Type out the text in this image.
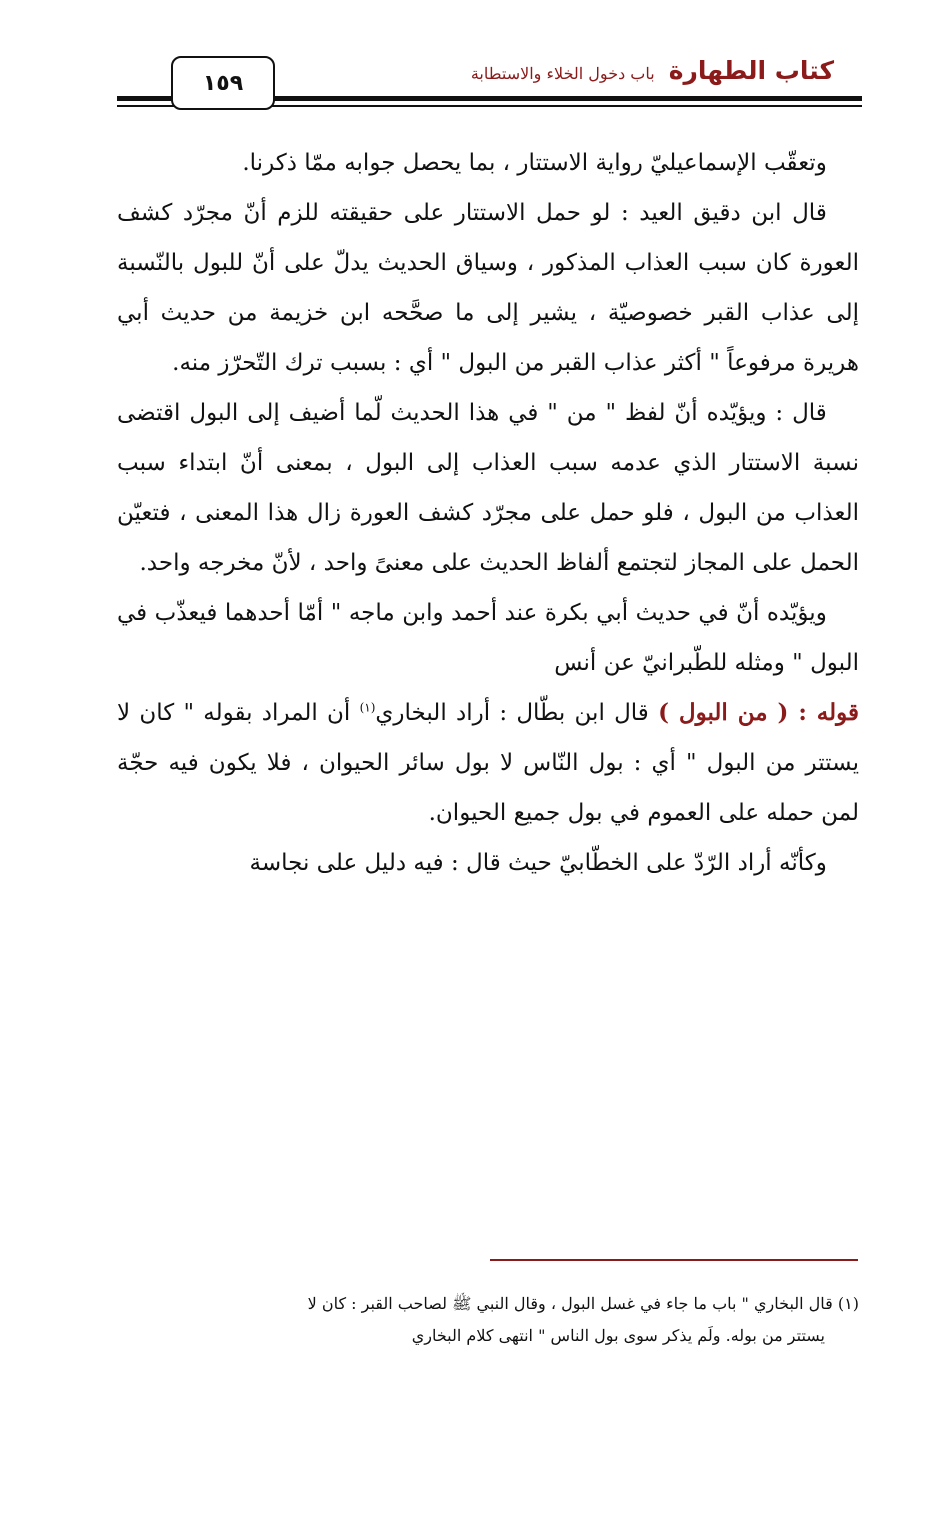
كتاب الطهارة
باب دخول الخلاء والاستطابة
١٥٩

وتعقّب الإسماعيليّ رواية الاستتار ، بما يحصل جوابه ممّا ذكرنا.

قال ابن دقيق العيد : لو حمل الاستتار على حقيقته للزم أنّ مجرّد كشف العورة كان سبب العذاب المذكور ، وسياق الحديث يدلّ على أنّ للبول بالنّسبة إلى عذاب القبر خصوصيّة ، يشير إلى ما صحَّحه ابن خزيمة من حديث أبي هريرة مرفوعاً " أكثر عذاب القبر من البول " أي : بسبب ترك التّحرّز منه.

قال : ويؤيّده أنّ لفظ " من " في هذا الحديث لّما أضيف إلى البول اقتضى نسبة الاستتار الذي عدمه سبب العذاب إلى البول ، بمعنى أنّ ابتداء سبب العذاب من البول ، فلو حمل على مجرّد كشف العورة زال هذا المعنى ، فتعيّن الحمل على المجاز لتجتمع ألفاظ الحديث على معنىً واحد ، لأنّ مخرجه واحد.

ويؤيّده أنّ في حديث أبي بكرة عند أحمد وابن ماجه " أمّا أحدهما فيعذّب في البول " ومثله للطّبرانيّ عن أنس

قوله : ( من البول ) قال ابن بطّال : أراد البخاري$^{(١)}$ أن المراد بقوله " كان لا يستتر من البول " أي : بول النّاس لا بول سائر الحيوان ، فلا يكون فيه حجّة لمن حمله على العموم في بول جميع الحيوان.

وكأنّه أراد الرّدّ على الخطّابيّ حيث قال : فيه دليل على نجاسة

(١) قال البخاري " باب ما جاء في غسل البول ، وقال النبي ﷺ لصاحب القبر : كان لا
يستتر من بوله. ولَم يذكر سوى بول الناس " انتهى كلام البخاري
